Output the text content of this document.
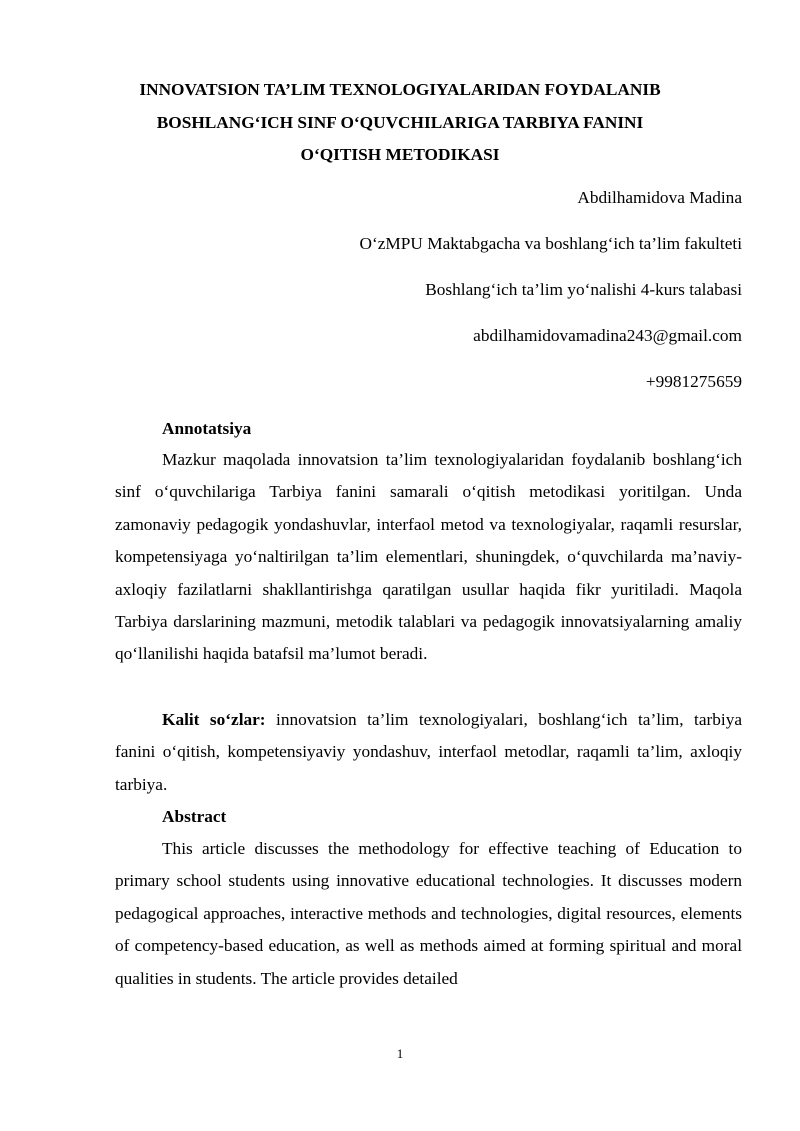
INNOVATSION TA’LIM TEXNOLOGIYALARIDAN FOYDALANIB
BOSHLANG‘ICH SINF O‘QUVCHILARIGA TARBIYA FANINI
O‘QITISH METODIKASI
Abdilhamidova Madina
O‘zMPU Maktabgacha va boshlang‘ich ta’lim fakulteti
Boshlang‘ich ta’lim yo‘nalishi 4-kurs talabasi
abdilhamidovamadina243@gmail.com
+9981275659
Annotatsiya

Mazkur maqolada innovatsion ta’lim texnologiyalaridan foydalanib boshlang‘ich sinf o‘quvchilariga Tarbiya fanini samarali o‘qitish metodikasi yoritilgan. Unda zamonaviy pedagogik yondashuvlar, interfaol metod va texnologiyalar, raqamli resurslar, kompetensiyaga yo‘naltirilgan ta’lim elementlari, shuningdek, o‘quvchilarda ma’naviy-axloqiy fazilatlarni shakllantirishga qaratilgan usullar haqida fikr yuritiladi. Maqola Tarbiya darslarining mazmuni, metodik talablari va pedagogik innovatsiyalarning amaliy qo‘llanilishi haqida batafsil ma’lumot beradi.

Kalit so‘zlar: innovatsion ta’lim texnologiyalari, boshlang‘ich ta’lim, tarbiya fanini o‘qitish, kompetensiyaviy yondashuv, interfaol metodlar, raqamli ta’lim, axloqiy tarbiya.

Abstract

This article discusses the methodology for effective teaching of Education to primary school students using innovative educational technologies. It discusses modern pedagogical approaches, interactive methods and technologies, digital resources, elements of competency-based education, as well as methods aimed at forming spiritual and moral qualities in students. The article provides detailed

1
